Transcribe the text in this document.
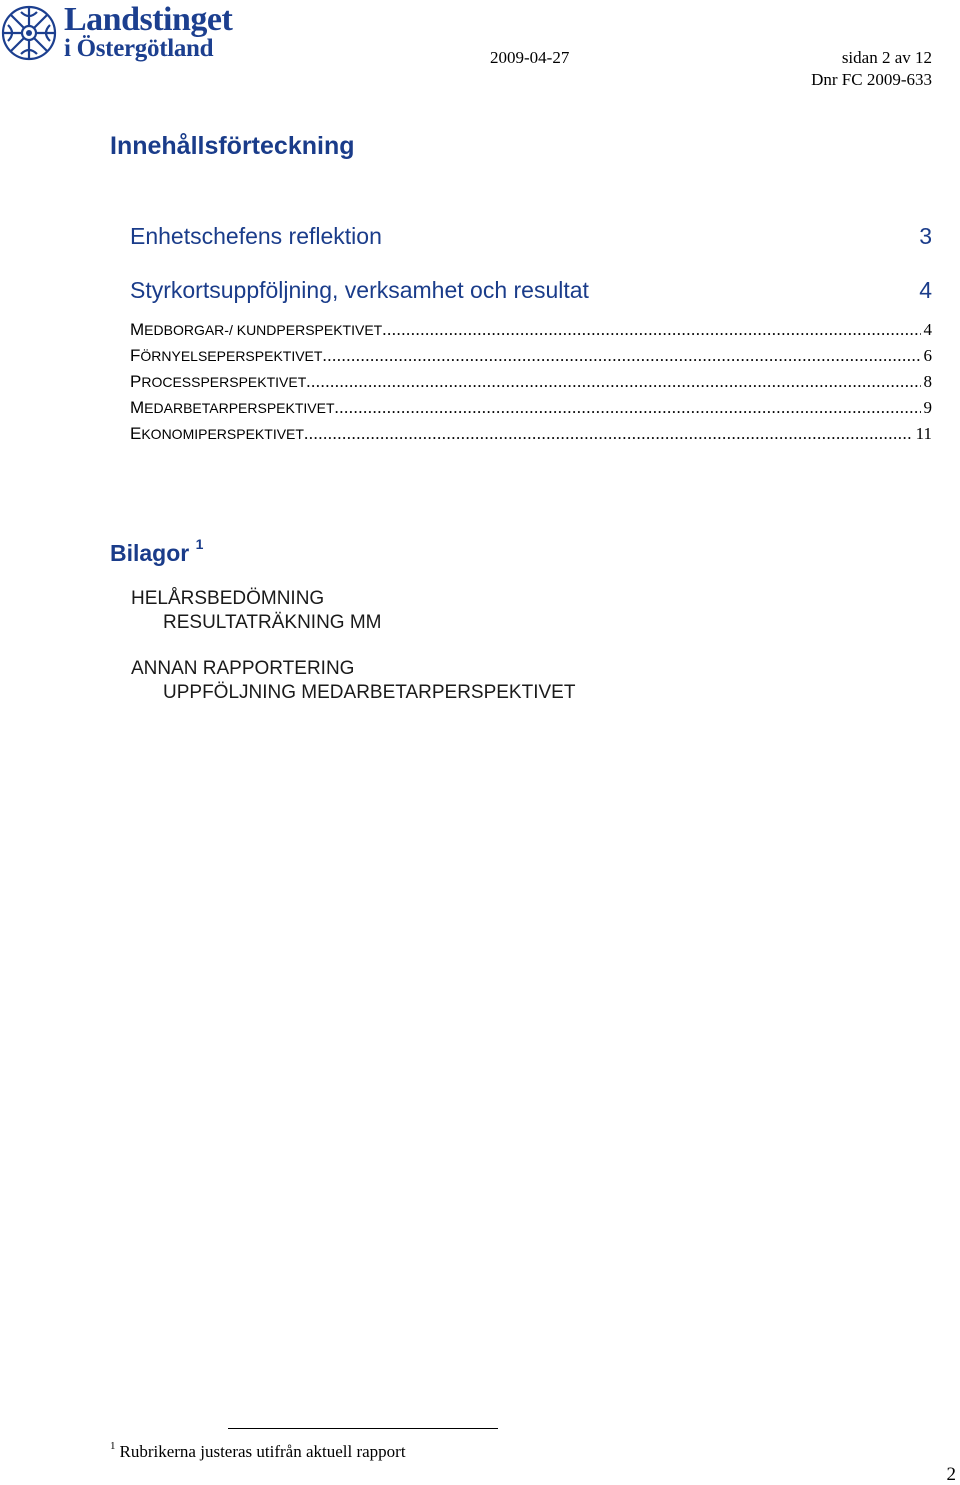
Landstinget
i Östergötland	2009-04-27	sidan 2 av 12
Dnr FC 2009-633
Innehållsförteckning
Enhetschefens reflektion	3
Styrkortsuppföljning, verksamhet och resultat	4
MEDBORGAR-/ KUNDPERSPEKTIVET .....	4
FÖRNYELSEPERSPEKTIVET .....	6
PROCESSPERSPEKTIVET .....	8
MEDARBETARPERSPEKTIVET .....	9
EKONOMIPERSPEKTIVET .....	11
Bilagor $^1$
HELÅRSBEDÖMNING
RESULTATRÄKNING MM
ANNAN RAPPORTERING
UPPFÖLJNING MEDARBETARPERSPEKTIVET
$^1$ Rubrikerna justeras utifrån aktuell rapport
2
